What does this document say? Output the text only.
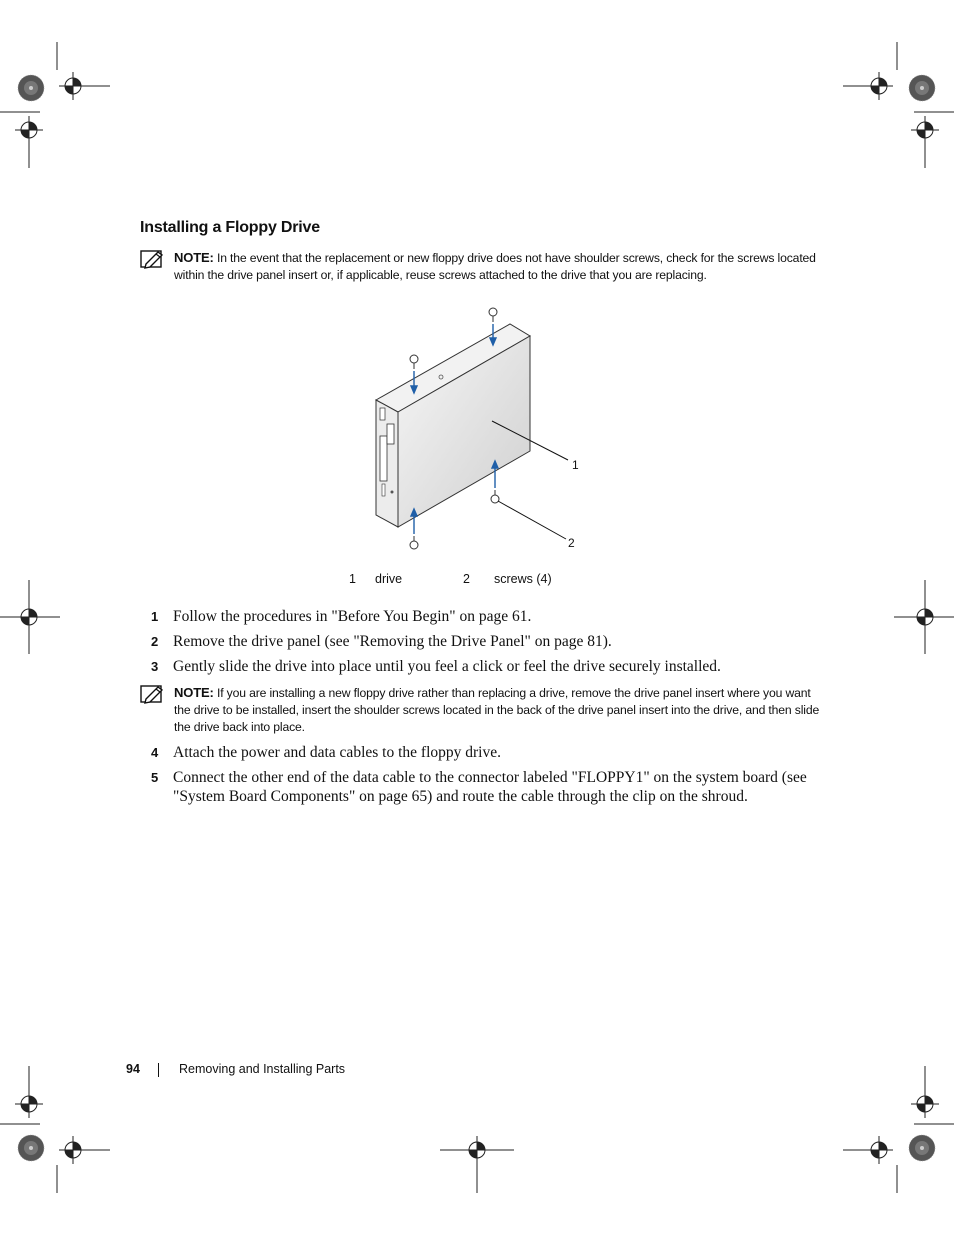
Installing a Floppy Drive
NOTE: In the event that the replacement or new floppy drive does not have shoulder screws, check for the screws located within the drive panel insert or, if applicable, reuse screws attached to the drive that you are replacing.
1
2
1 drive	2 screws (4)
1 Follow the procedures in "Before You Begin" on page 61.
2 Remove the drive panel (see "Removing the Drive Panel" on page 81).
3 Gently slide the drive into place until you feel a click or feel the drive securely installed.
NOTE: If you are installing a new floppy drive rather than replacing a drive, remove the drive panel insert where you want the drive to be installed, insert the shoulder screws located in the back of the drive panel insert into the drive, and then slide the drive back into place.
4 Attach the power and data cables to the floppy drive.
5 Connect the other end of the data cable to the connector labeled "FLOPPY1" on the system board (see "System Board Components" on page 65) and route the cable through the clip on the shroud.
94	Removing and Installing Parts
